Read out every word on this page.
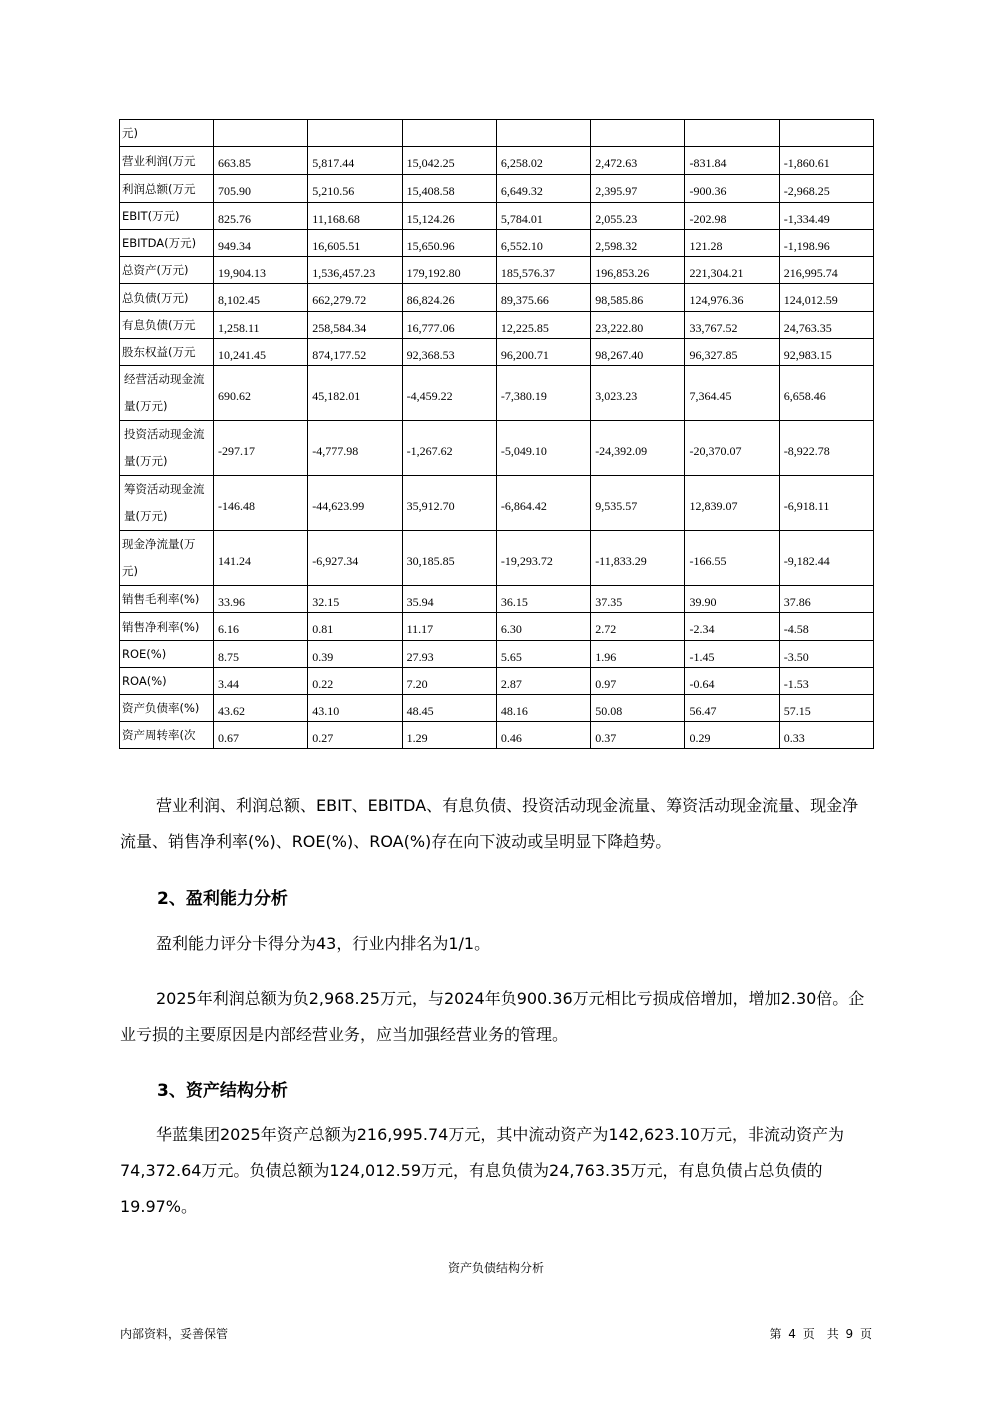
元)							
营业利润(万元	663.85	5,817.44	15,042.25	6,258.02	2,472.63	-831.84	-1,860.61
利润总额(万元	705.90	5,210.56	15,408.58	6,649.32	2,395.97	-900.36	-2,968.25
EBIT(万元)	825.76	11,168.68	15,124.26	5,784.01	2,055.23	-202.98	-1,334.49
EBITDA(万元)	949.34	16,605.51	15,650.96	6,552.10	2,598.32	121.28	-1,198.96
总资产(万元)	19,904.13	1,536,457.23	179,192.80	185,576.37	196,853.26	221,304.21	216,995.74
总负债(万元)	8,102.45	662,279.72	86,824.26	89,375.66	98,585.86	124,976.36	124,012.59
有息负债(万元	1,258.11	258,584.34	16,777.06	12,225.85	23,222.80	33,767.52	24,763.35
股东权益(万元	10,241.45	874,177.52	92,368.53	96,200.71	98,267.40	96,327.85	92,983.15
经营活动现金流量(万元)	690.62	45,182.01	-4,459.22	-7,380.19	3,023.23	7,364.45	6,658.46
投资活动现金流量(万元)	-297.17	-4,777.98	-1,267.62	-5,049.10	-24,392.09	-20,370.07	-8,922.78
筹资活动现金流量(万元)	-146.48	-44,623.99	35,912.70	-6,864.42	9,535.57	12,839.07	-6,918.11
现金净流量(万元)	141.24	-6,927.34	30,185.85	-19,293.72	-11,833.29	-166.55	-9,182.44
销售毛利率(%)	33.96	32.15	35.94	36.15	37.35	39.90	37.86
销售净利率(%)	6.16	0.81	11.17	6.30	2.72	-2.34	-4.58
ROE(%)	8.75	0.39	27.93	5.65	1.96	-1.45	-3.50
ROA(%)	3.44	0.22	7.20	2.87	0.97	-0.64	-1.53
资产负债率(%)	43.62	43.10	48.45	48.16	50.08	56.47	57.15
资产周转率(次	0.67	0.27	1.29	0.46	0.37	0.29	0.33

营业利润、利润总额、EBIT、EBITDA、有息负债、投资活动现金流量、筹资活动现金流量、现金净流量、销售净利率(%)、ROE(%)、ROA(%)存在向下波动或呈明显下降趋势。

2、盈利能力分析

盈利能力评分卡得分为43，行业内排名为1/1。

2025年利润总额为负2,968.25万元，与2024年负900.36万元相比亏损成倍增加，增加2.30倍。企业亏损的主要原因是内部经营业务，应当加强经营业务的管理。

3、资产结构分析

华蓝集团2025年资产总额为216,995.74万元，其中流动资产为142,623.10万元，非流动资产为74,372.64万元。负债总额为124,012.59万元，有息负债为24,763.35万元，有息负债占总负债的19.97%。

资产负债结构分析
内部资料，妥善保管	第 4 页　共 9 页
